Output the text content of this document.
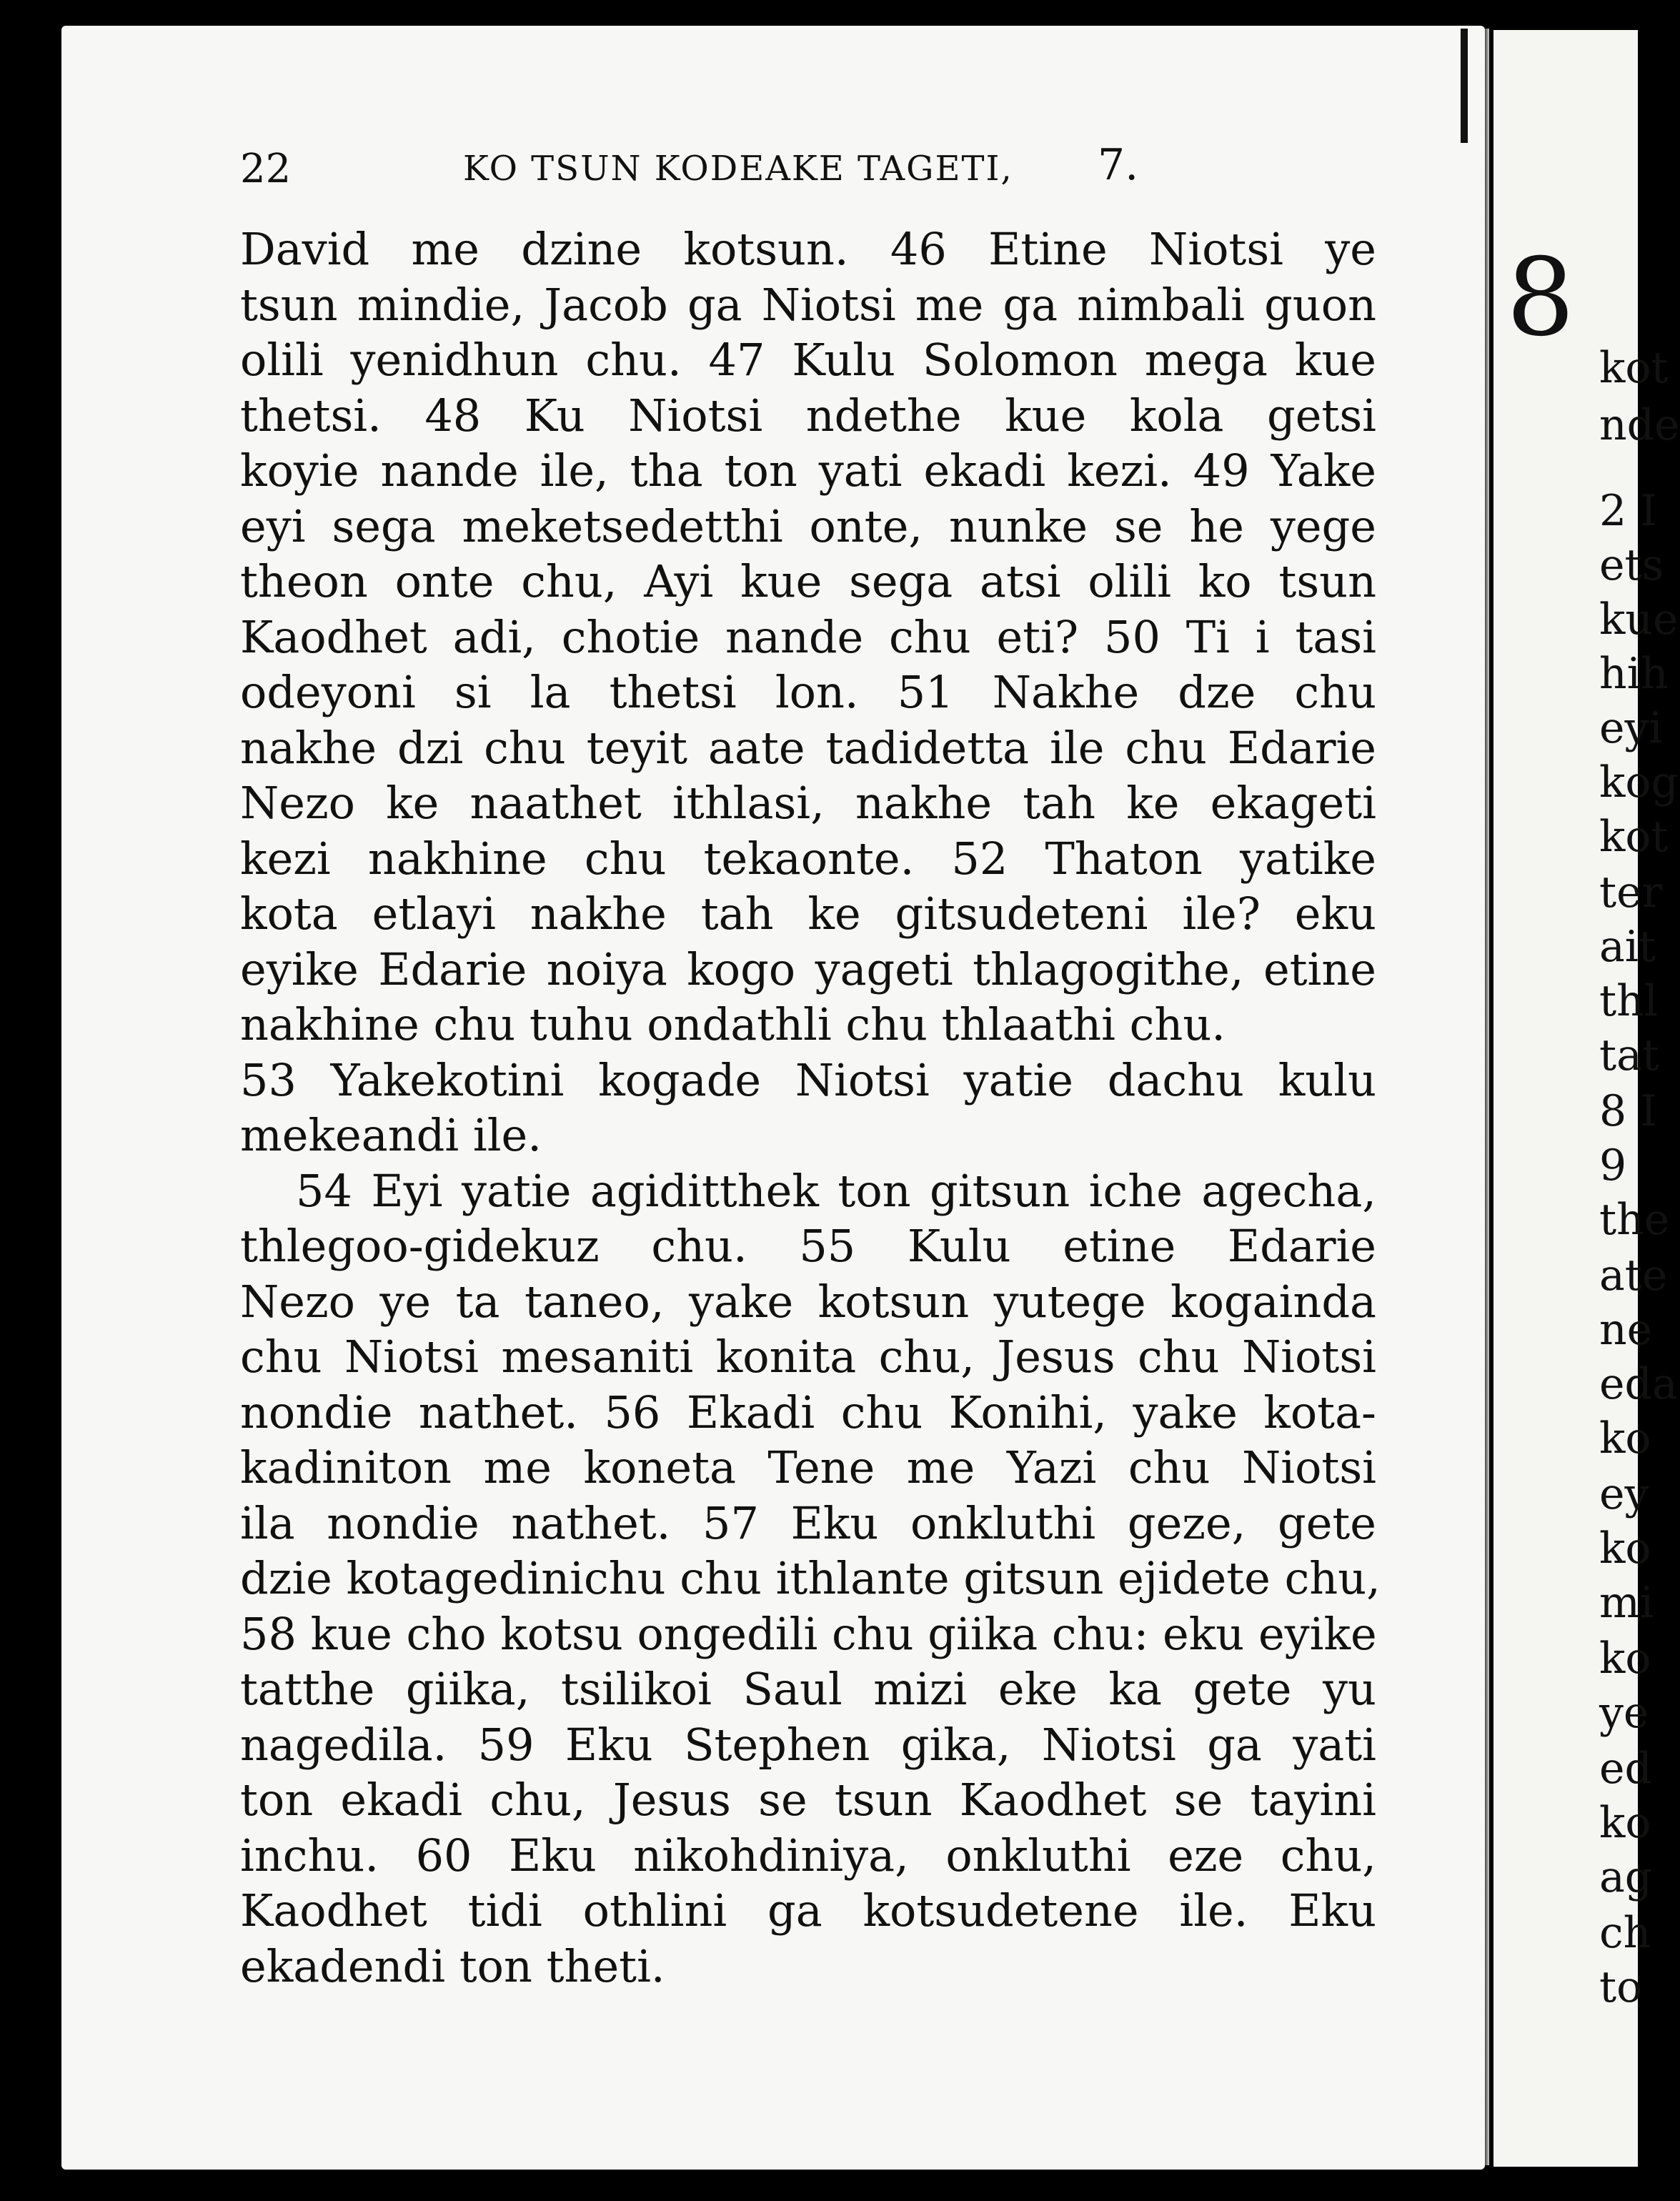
22	KO TSUN KODEAKE TAGETI, 7.
David me dzine kotsun. 46 Etine Niotsi ye
tsun mindie, Jacob ga Niotsi me ga nimbali guon
olili yenidhun chu. 47 Kulu Solomon mega kue
thetsi. 48 Ku Niotsi ndethe kue kola getsi
koyie nande ile, tha ton yati ekadi kezi. 49 Yake
eyi sega meketsedetthi onte, nunke se he yege
theon onte chu, Ayi kue sega atsi olili ko tsun
Kaodhet adi, chotie nande chu eti? 50 Ti i tasi
odeyoni si la thetsi lon. 51 Nakhe dze chu
nakhe dzi chu teyit aate tadidetta ile chu Edarie
Nezo ke naathet ithlasi, nakhe tah ke ekageti
kezi nakhine chu tekaonte. 52 Thaton yatike
kota etlayi nakhe tah ke gitsudeteni ile? eku
eyike Edarie noiya kogo yageti thlagogithe, etine
nakhine chu tuhu ondathli chu thlaathi chu.
53 Yakekotini kogade Niotsi yatie dachu kulu
mekeandi ile.
54 Eyi yatie agiditthek ton gitsun iche agecha,
thlegoo-gidekuz chu. 55 Kulu etine Edarie
Nezo ye ta taneo, yake kotsun yutege kogainda
chu Niotsi mesaniti konita chu, Jesus chu Niotsi
nondie nathet. 56 Ekadi chu Konihi, yake kota-
kadiniton me koneta Tene me Yazi chu Niotsi
ila nondie nathet. 57 Eku onkluthi geze, gete
dzie kotagedinichu chu ithlante gitsun ejidete chu,
58 kue cho kotsu ongedili chu giika chu: eku eyike
tatthe giika, tsilikoi Saul mizi eke ka gete yu
nagedila. 59 Eku Stephen gika, Niotsi ga yati
ton ekadi chu, Jesus se tsun Kaodhet se tayini
inchu. 60 Eku nikohdiniya, onkluthi eze chu,
Kaodhet tidi othlini ga kotsudetene ile. Eku
ekadendi ton theti.
8
kot
nde
2 I
ets
kue
hih
eyi
kog
kot
ter
ait
thl
tat
8 I
9
the
ate
ne
eda
ko
ey
ko
mi
ko
ye
ed
ko
ag
ch
to
